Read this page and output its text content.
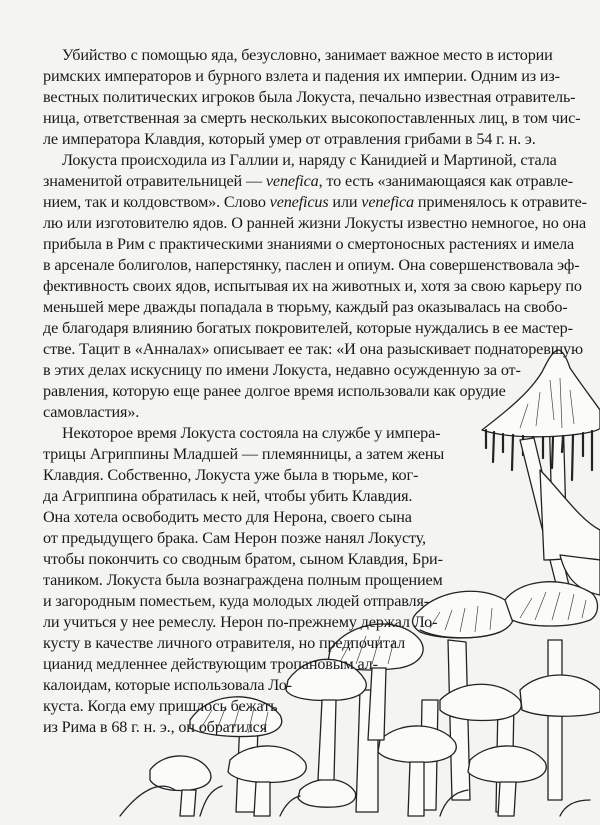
Убийство с помощью яда, безусловно, занимает важное место в истории
римских императоров и бурного взлета и падения их империи. Одним из из-
вестных политических игроков была Локуста, печально известная отравитель-
ница, ответственная за смерть нескольких высокопоставленных лиц, в том чис-
ле императора Клавдия, который умер от отравления грибами в 54 г. н. э.
Локуста происходила из Галлии и, наряду с Канидией и Мартиной, стала
знаменитой отравительницей — veneficа, то есть «занимающаяся как отравле-
нием, так и колдовством». Слово veneficus или venefica применялось к отравите-
лю или изготовителю ядов. О ранней жизни Локусты известно немногое, но она
прибыла в Рим с практическими знаниями о смертоносных растениях и имела
в арсенале болиголов, наперстянку, паслен и опиум. Она совершенствовала эф-
фективность своих ядов, испытывая их на животных и, хотя за свою карьеру по
меньшей мере дважды попадала в тюрьму, каждый раз оказывалась на свобо-
де благодаря влиянию богатых покровителей, которые нуждались в ее мастер-
стве. Тацит в «Анналах» описывает ее так: «И она разыскивает поднаторевшую
в этих делах искусницу по имени Локуста, недавно осужденную за от-
равления, которую еще ранее долгое время использовали как орудие
самовластия».
Некоторое время Локуста состояла на службе у импера-
трицы Агриппины Младшей — племянницы, а затем жены
Клавдия. Собственно, Локуста уже была в тюрьме, ког-
да Агриппина обратилась к ней, чтобы убить Клавдия.
Она хотела освободить место для Нерона, своего сына
от предыдущего брака. Сам Нерон позже нанял Локусту,
чтобы покончить со сводным братом, сыном Клавдия, Бри-
таником. Локуста была вознаграждена полным прощением
и загородным поместьем, куда молодых людей отправля-
ли учиться у нее ремеслу. Нерон по-прежнему держал Ло-
кусту в качестве личного отравителя, но предпочитал
цианид медленнее действующим тропановым ал-
калоидам, которые использовала Ло-
куста. Когда ему пришлось бежать
из Рима в 68 г. н. э., он обратился
